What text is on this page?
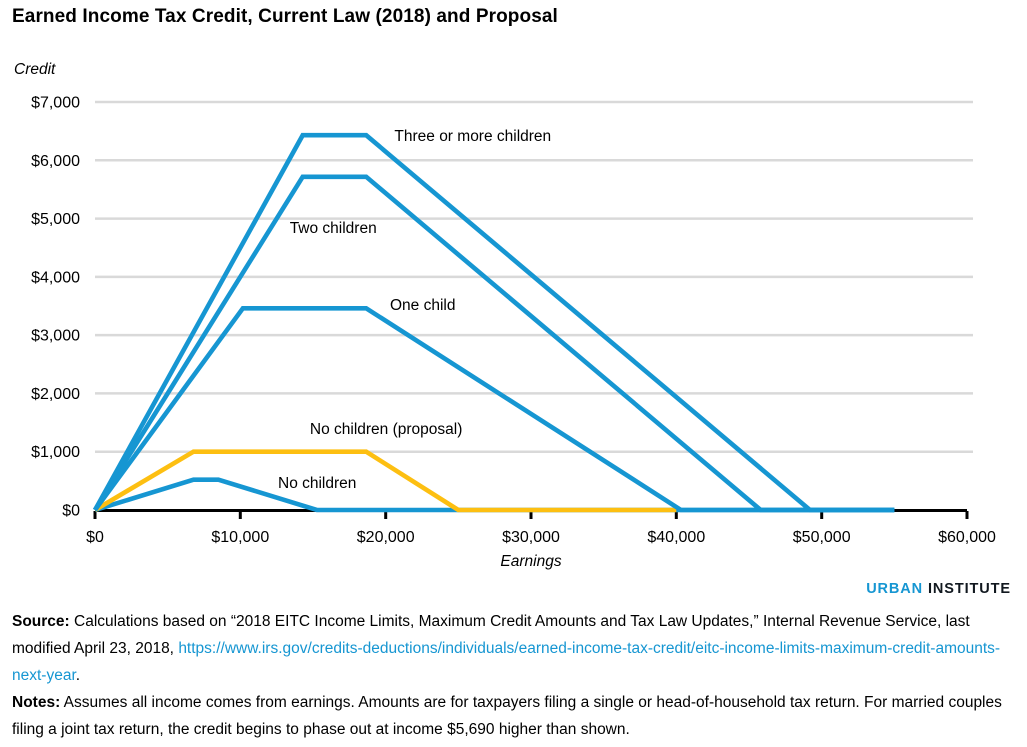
Earned Income Tax Credit, Current Law (2018) and Proposal
Credit
$0	$10,000	$20,000	$30,000	$40,000	$50,000	$60,000
$0
$1,000
$2,000
$3,000
$4,000
$5,000
$6,000
$7,000
Three or more children
Two children
One child
No children (proposal)
No children
Earnings
URBAN INSTITUTE

Source: Calculations based on “2018 EITC Income Limits, Maximum Credit Amounts and Tax Law Updates,” Internal Revenue Service, last modified April 23, 2018, https://www.irs.gov/credits-deductions/individuals/earned-income-tax-credit/eitc-income-limits-maximum-credit-amounts-next-year.

Notes: Assumes all income comes from earnings. Amounts are for taxpayers filing a single or head-of-household tax return. For married couples filing a joint tax return, the credit begins to phase out at income $5,690 higher than shown.
